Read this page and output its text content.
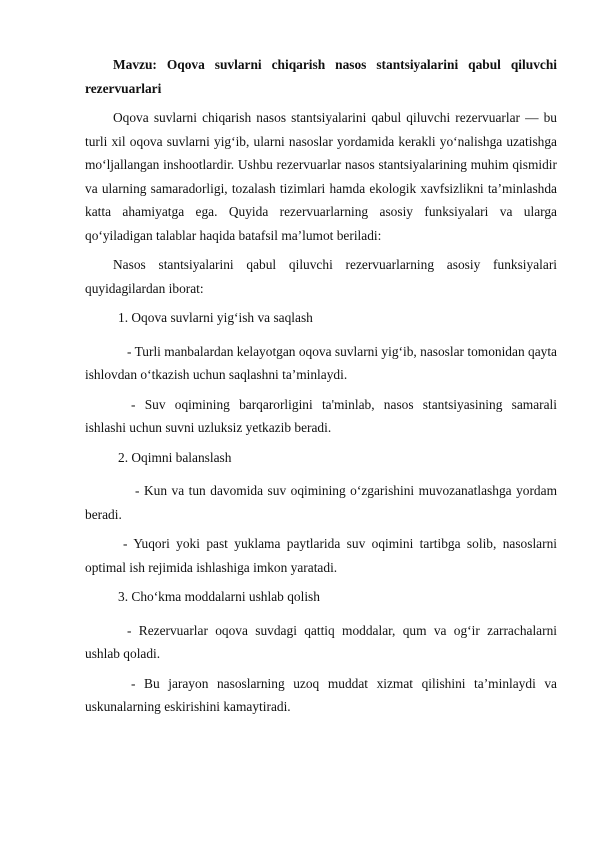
Mavzu: Oqova suvlarni chiqarish nasos stantsiyalarini qabul qiluvchi rezervuarlari

Oqova suvlarni chiqarish nasos stantsiyalarini qabul qiluvchi rezervuarlar — bu turli xil oqova suvlarni yig‘ib, ularni nasoslar yordamida kerakli yo‘nalishga uzatishga mo‘ljallangan inshootlardir. Ushbu rezervuarlar nasos stantsiyalarining muhim qismidir va ularning samaradorligi, tozalash tizimlari hamda ekologik xavfsizlikni ta’minlashda katta ahamiyatga ega. Quyida rezervuarlarning asosiy funksiyalari va ularga qo‘yiladigan talablar haqida batafsil ma’lumot beriladi:

Nasos stantsiyalarini qabul qiluvchi rezervuarlarning asosiy funksiyalari quyidagilardan iborat:

1. Oqova suvlarni yig‘ish va saqlash

- Turli manbalardan kelayotgan oqova suvlarni yig‘ib, nasoslar tomonidan qayta ishlovdan o‘tkazish uchun saqlashni ta’minlaydi.

- Suv oqimining barqarorligini ta'minlab, nasos stantsiyasining samarali ishlashi uchun suvni uzluksiz yetkazib beradi.

2. Oqimni balanslash

- Kun va tun davomida suv oqimining o‘zgarishini muvozanatlashga yordam beradi.

- Yuqori yoki past yuklama paytlarida suv oqimini tartibga solib, nasoslarni optimal ish rejimida ishlashiga imkon yaratadi.

3. Cho‘kma moddalarni ushlab qolish

- Rezervuarlar oqova suvdagi qattiq moddalar, qum va og‘ir zarrachalarni ushlab qoladi.

- Bu jarayon nasoslarning uzoq muddat xizmat qilishini ta’minlaydi va uskunalarning eskirishini kamaytiradi.
